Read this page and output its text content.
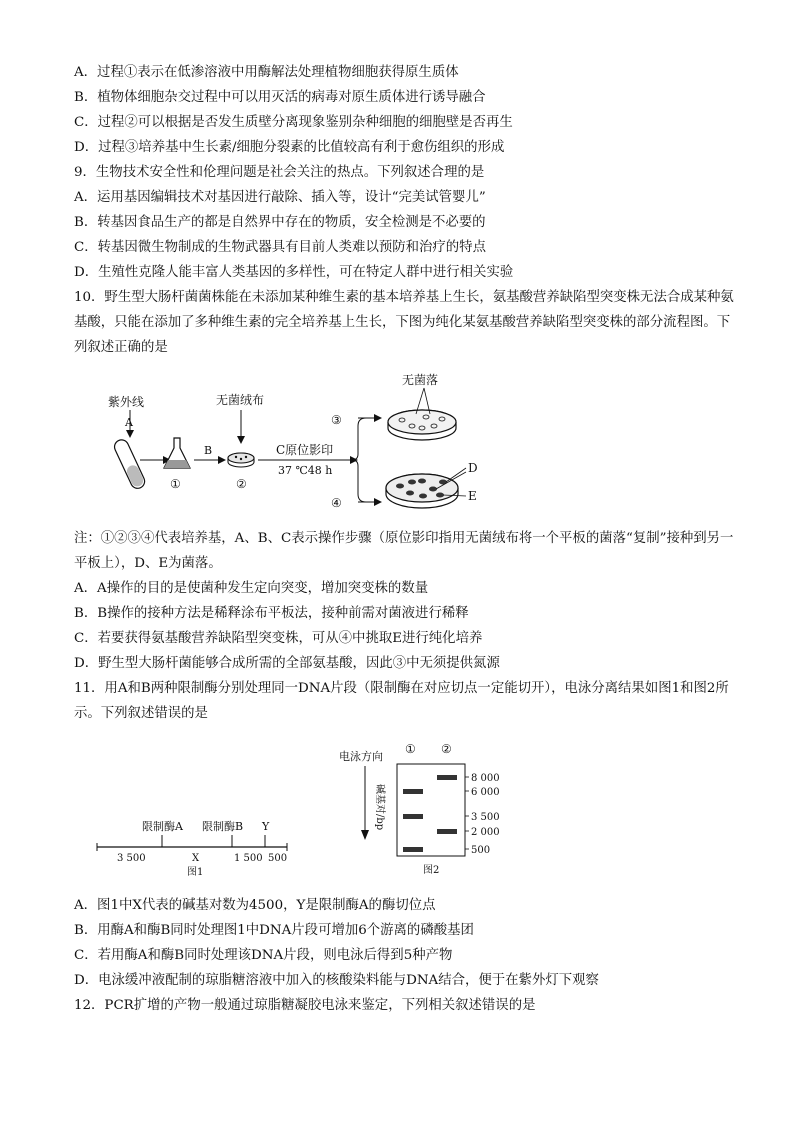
A．过程①表示在低渗溶液中用酶解法处理植物细胞获得原生质体
B．植物体细胞杂交过程中可以用灭活的病毒对原生质体进行诱导融合
C．过程②可以根据是否发生质壁分离现象鉴别杂种细胞的细胞壁是否再生
D．过程③培养基中生长素/细胞分裂素的比值较高有利于愈伤组织的形成
9．生物技术安全性和伦理问题是社会关注的热点。下列叙述合理的是
A．运用基因编辑技术对基因进行敲除、插入等，设计“完美试管婴儿”
B．转基因食品生产的都是自然界中存在的物质，安全检测是不必要的
C．转基因微生物制成的生物武器具有目前人类难以预防和治疗的特点
D．生殖性克隆人能丰富人类基因的多样性，可在特定人群中进行相关实验
10．野生型大肠杆菌菌株能在未添加某种维生素的基本培养基上生长，氨基酸营养缺陷型突变株无法合成某种氨基酸，只能在添加了多种维生素的完全培养基上生长，下图为纯化某氨基酸营养缺陷型突变株的部分流程图。下列叙述正确的是
紫外线
A
①
B
无菌绒布
②
C原位影印
37 ℃48 h
③
④
无菌落
D
E
注：①②③④代表培养基，A、B、C表示操作步骤（原位影印指用无菌绒布将一个平板的菌落“复制”接种到另一平板上），D、E为菌落。
A．A操作的目的是使菌种发生定向突变，增加突变株的数量
B．B操作的接种方法是稀释涂布平板法，接种前需对菌液进行稀释
C．若要获得氨基酸营养缺陷型突变株，可从④中挑取E进行纯化培养
D．野生型大肠杆菌能够合成所需的全部氨基酸，因此③中无须提供氮源
11．用A和B两种限制酶分别处理同一DNA片段（限制酶在对应切点一定能切开），电泳分离结果如图1和图2所示。下列叙述错误的是
限制酶A 限制酶B Y
3 500	X	1 500 500
图1
电泳方向
碱基对/bp
① ②
8 000
6 000
3 500
2 000
500
图2
A．图1中X代表的碱基对数为4500，Y是限制酶A的酶切位点
B．用酶A和酶B同时处理图1中DNA片段可增加6个游离的磷酸基团
C．若用酶A和酶B同时处理该DNA片段，则电泳后得到5种产物
D．电泳缓冲液配制的琼脂糖溶液中加入的核酸染料能与DNA结合，便于在紫外灯下观察
12．PCR扩增的产物一般通过琼脂糖凝胶电泳来鉴定，下列相关叙述错误的是
